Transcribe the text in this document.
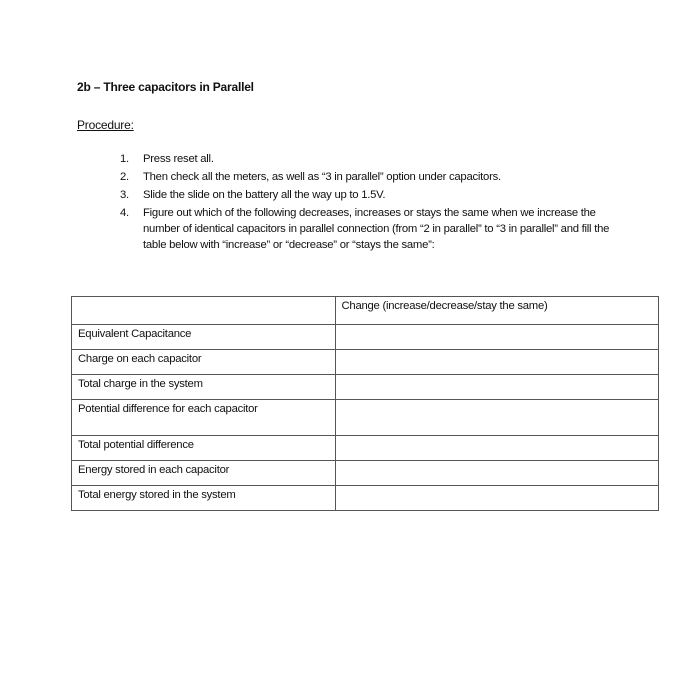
2b – Three capacitors in Parallel
Procedure:
1.	Press reset all.
2.	Then check all the meters, as well as “3 in parallel” option under capacitors.
3.	Slide the slide on the battery all the way up to 1.5V.
4.	Figure out which of the following decreases, increases or stays the same when we increase the number of identical capacitors in parallel connection (from “2 in parallel” to “3 in parallel” and fill the table below with “increase” or “decrease” or “stays the same”:
	Change (increase/decrease/stay the same)
Equivalent Capacitance	
Charge on each capacitor	
Total charge in the system	
Potential difference for each capacitor	
Total potential difference	
Energy stored in each capacitor	
Total energy stored in the system	
